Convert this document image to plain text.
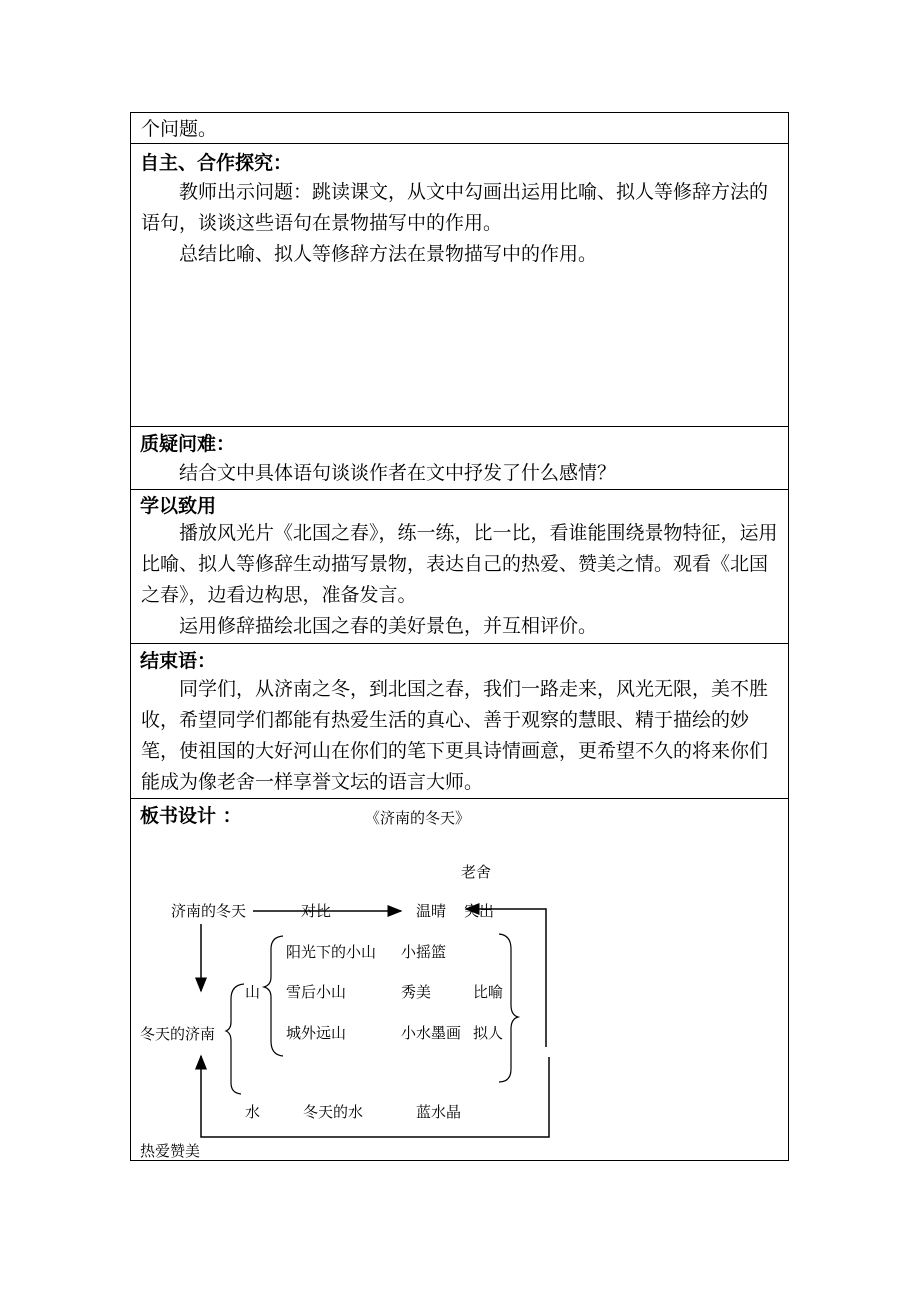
个问题。
自主、合作探究：
教师出示问题：跳读课文，从文中勾画出运用比喻、拟人等修辞方法的语句，谈谈这些语句在景物描写中的作用。
总结比喻、拟人等修辞方法在景物描写中的作用。
质疑问难：
结合文中具体语句谈谈作者在文中抒发了什么感情？
学以致用
播放风光片《北国之春》，练一练，比一比，看谁能围绕景物特征，运用比喻、拟人等修辞生动描写景物，表达自己的热爱、赞美之情。观看《北国之春》，边看边构思，准备发言。
运用修辞描绘北国之春的美好景色，并互相评价。
结束语：
同学们，从济南之冬，到北国之春，我们一路走来，风光无限，美不胜收，希望同学们都能有热爱生活的真心、善于观察的慧眼、精于描绘的妙笔，使祖国的大好河山在你们的笔下更具诗情画意，更希望不久的将来你们能成为像老舍一样享誉文坛的语言大师。
板书设计 ：	《济南的冬天》
老舍
济南的冬天	对比	温晴 突出
山
阳光下的小山 小摇篮
雪后小山	秀美	比喻
城外远山	小水墨画 拟人
冬天的济南
水	冬天的水	蓝水晶
热爱赞美
